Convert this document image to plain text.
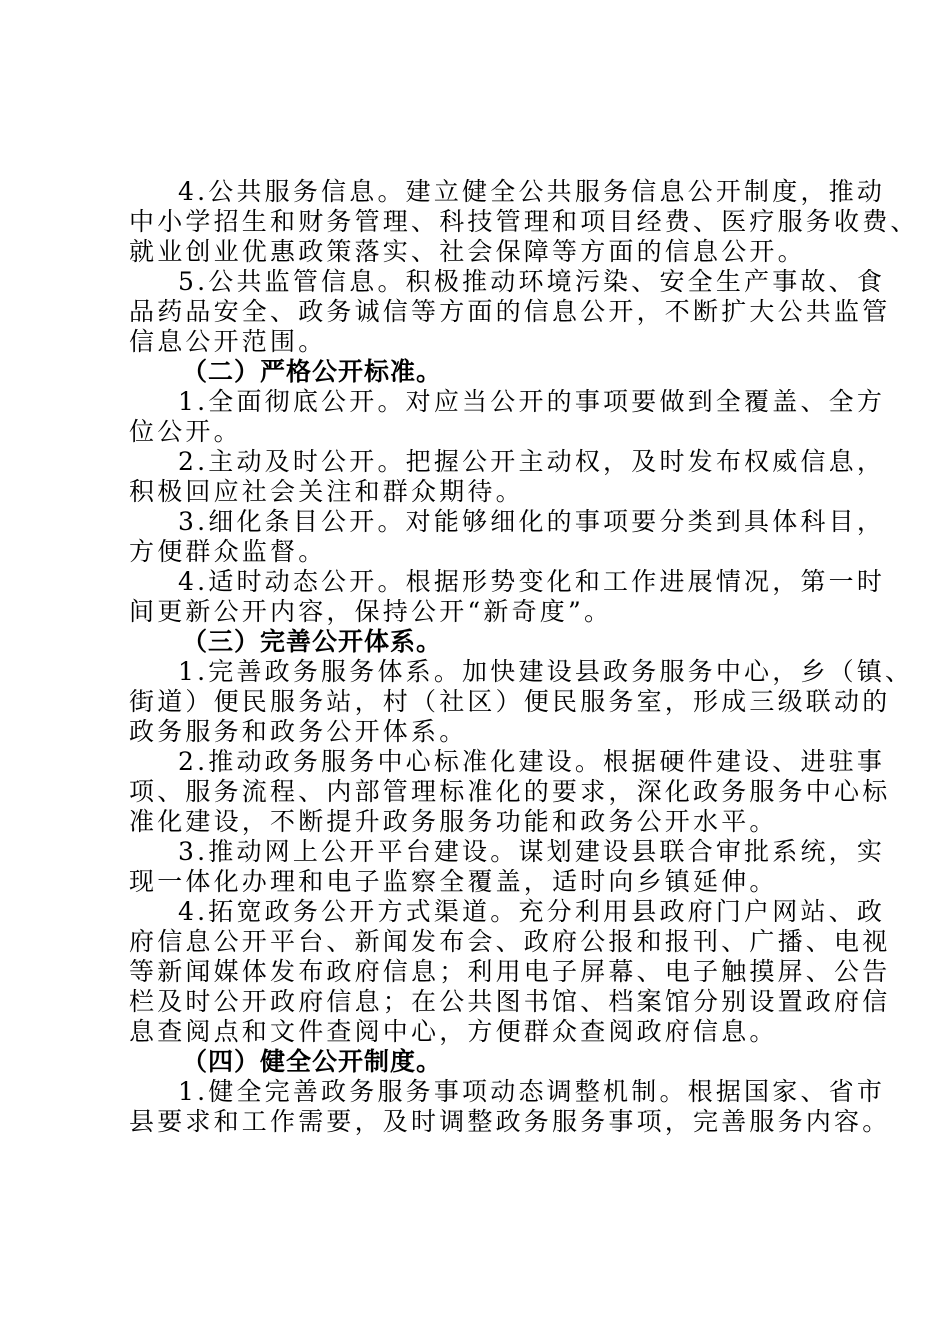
4.公共服务信息。建立健全公共服务信息公开制度，推动
中小学招生和财务管理、科技管理和项目经费、医疗服务收费、
就业创业优惠政策落实、社会保障等方面的信息公开。
5.公共监管信息。积极推动环境污染、安全生产事故、食
品药品安全、政务诚信等方面的信息公开，不断扩大公共监管
信息公开范围。
（二）严格公开标准。
1.全面彻底公开。对应当公开的事项要做到全覆盖、全方
位公开。
2.主动及时公开。把握公开主动权，及时发布权威信息，
积极回应社会关注和群众期待。
3.细化条目公开。对能够细化的事项要分类到具体科目，
方便群众监督。
4.适时动态公开。根据形势变化和工作进展情况，第一时
间更新公开内容，保持公开“新奇度”。
（三）完善公开体系。
1.完善政务服务体系。加快建设县政务服务中心，乡（镇、
街道）便民服务站，村（社区）便民服务室，形成三级联动的
政务服务和政务公开体系。
2.推动政务服务中心标准化建设。根据硬件建设、进驻事
项、服务流程、内部管理标准化的要求，深化政务服务中心标
准化建设，不断提升政务服务功能和政务公开水平。
3.推动网上公开平台建设。谋划建设县联合审批系统，实
现一体化办理和电子监察全覆盖，适时向乡镇延伸。
4.拓宽政务公开方式渠道。充分利用县政府门户网站、政
府信息公开平台、新闻发布会、政府公报和报刊、广播、电视
等新闻媒体发布政府信息；利用电子屏幕、电子触摸屏、公告
栏及时公开政府信息；在公共图书馆、档案馆分别设置政府信
息查阅点和文件查阅中心，方便群众查阅政府信息。
（四）健全公开制度。
1.健全完善政务服务事项动态调整机制。根据国家、省市
县要求和工作需要，及时调整政务服务事项，完善服务内容。
